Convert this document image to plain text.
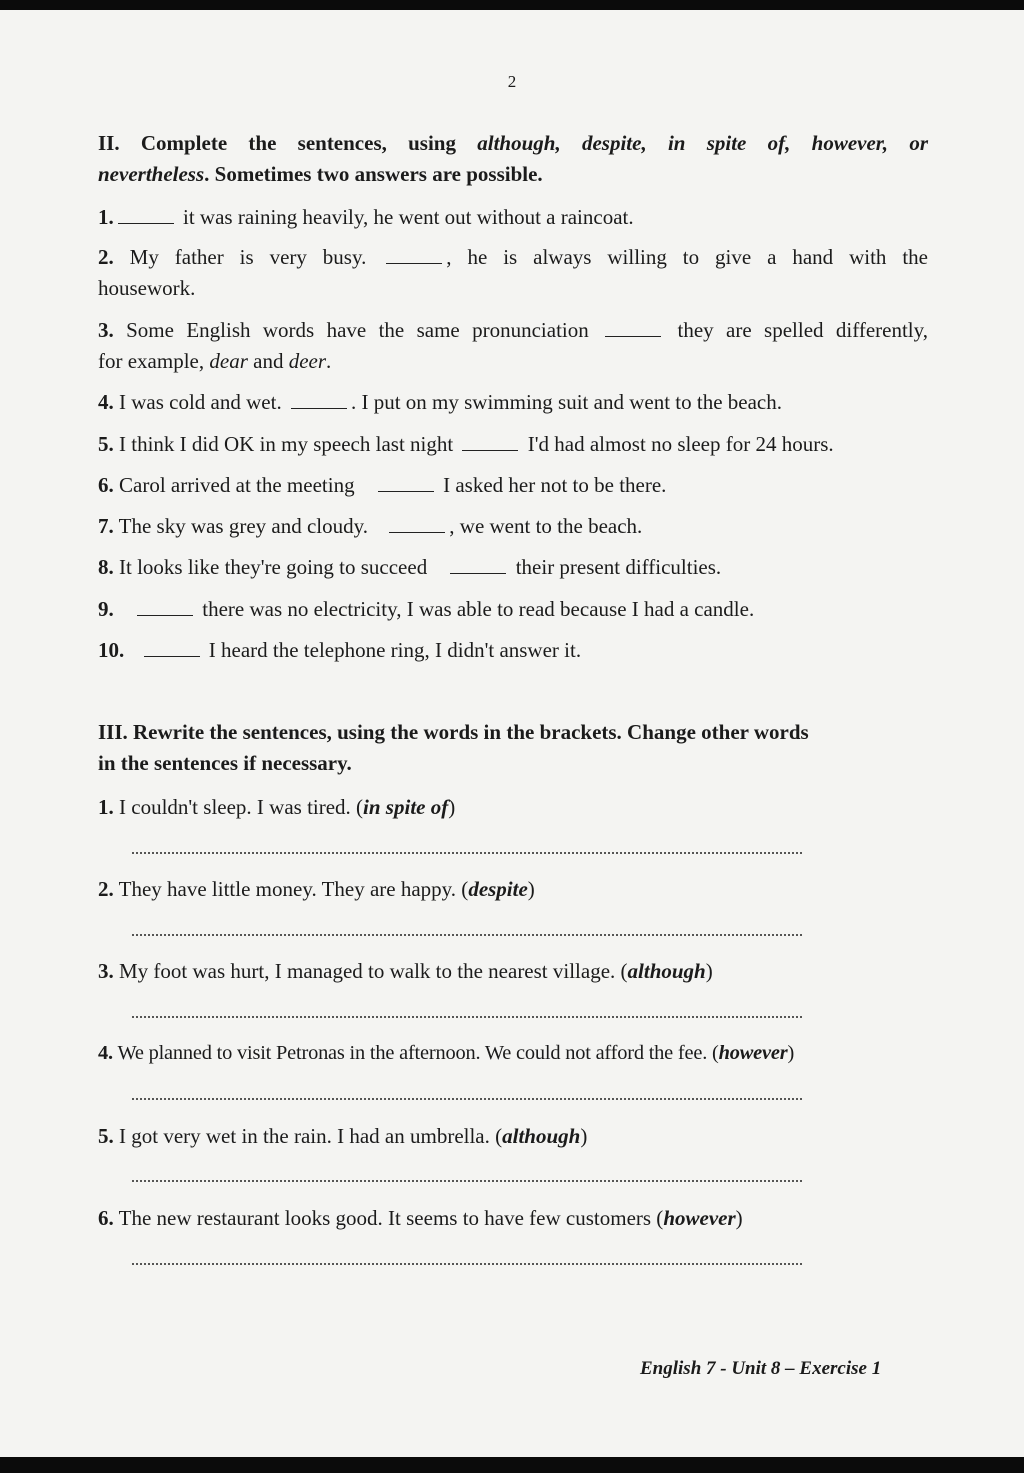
2
II. Complete the sentences, using although, despite, in spite of, however, or
nevertheless. Sometimes two answers are possible.
1.	it was raining heavily, he went out without a raincoat.
2. My father is very busy.	, he is always willing to give a hand with the
housework.
3. Some English words have the same pronunciation	they are spelled differently,
for example, dear and deer.
4. I was cold and wet.	. I put on my swimming suit and went to the beach.
5. I think I did OK in my speech last night	I'd had almost no sleep for 24 hours.
6. Carol arrived at the meeting	I asked her not to be there.
7. The sky was grey and cloudy.	, we went to the beach.
8. It looks like they're going to succeed	their present difficulties.
9.	there was no electricity, I was able to read because I had a candle.
10.	I heard the telephone ring, I didn't answer it.
III. Rewrite the sentences, using the words in the brackets. Change other words
in the sentences if necessary.
1. I couldn't sleep. I was tired. (in spite of)
2. They have little money. They are happy. (despite)
3. My foot was hurt, I managed to walk to the nearest village. (although)
4. We planned to visit Petronas in the afternoon. We could not afford the fee. (however)
5. I got very wet in the rain. I had an umbrella. (although)
6. The new restaurant looks good. It seems to have few customers (however)
English 7 - Unit 8 – Exercise 1
